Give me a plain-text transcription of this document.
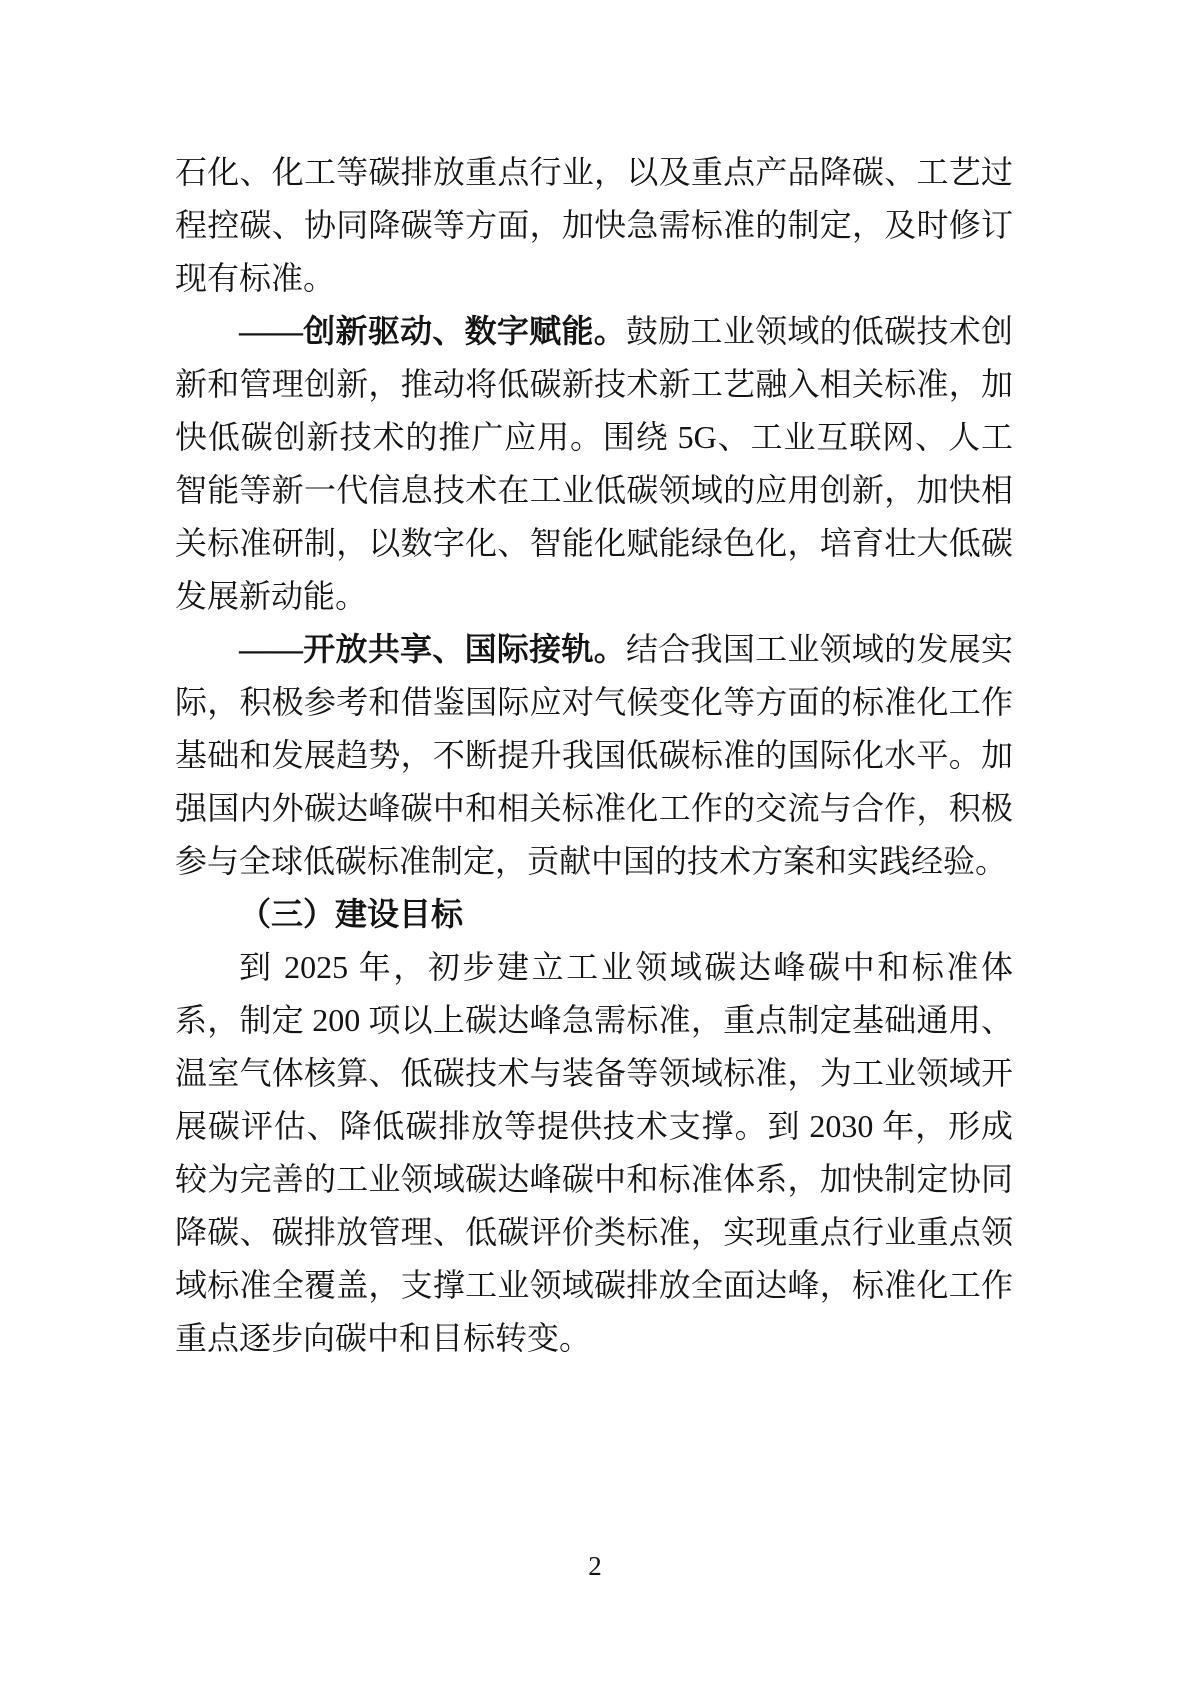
石化、化工等碳排放重点行业，以及重点产品降碳、工艺过程控碳、协同降碳等方面，加快急需标准的制定，及时修订现有标准。

——创新驱动、数字赋能。鼓励工业领域的低碳技术创新和管理创新，推动将低碳新技术新工艺融入相关标准，加快低碳创新技术的推广应用。围绕 5G、工业互联网、人工智能等新一代信息技术在工业低碳领域的应用创新，加快相关标准研制，以数字化、智能化赋能绿色化，培育壮大低碳发展新动能。

——开放共享、国际接轨。结合我国工业领域的发展实际，积极参考和借鉴国际应对气候变化等方面的标准化工作基础和发展趋势，不断提升我国低碳标准的国际化水平。加强国内外碳达峰碳中和相关标准化工作的交流与合作，积极参与全球低碳标准制定，贡献中国的技术方案和实践经验。

（三）建设目标

到 2025 年，初步建立工业领域碳达峰碳中和标准体系，制定 200 项以上碳达峰急需标准，重点制定基础通用、温室气体核算、低碳技术与装备等领域标准，为工业领域开展碳评估、降低碳排放等提供技术支撑。到 2030 年，形成较为完善的工业领域碳达峰碳中和标准体系，加快制定协同降碳、碳排放管理、低碳评价类标准，实现重点行业重点领域标准全覆盖，支撑工业领域碳排放全面达峰，标准化工作重点逐步向碳中和目标转变。

2
